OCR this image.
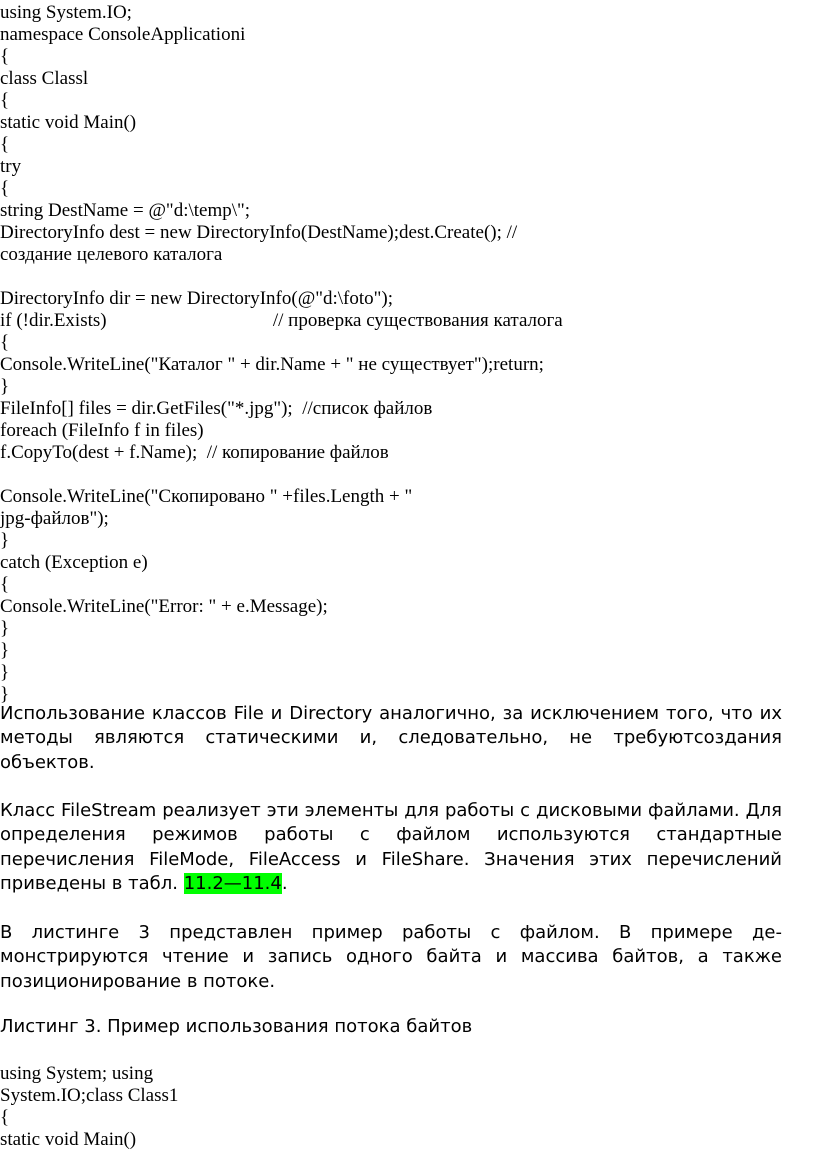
using System.IO;
namespace ConsoleApplicationi
{
class Classl
{
static void Main()
{
try
{
string DestName = @"d:\temp\";
DirectoryInfo dest = new DirectoryInfo(DestName);dest.Create(); //
создание целевого каталога
DirectoryInfo dir = new DirectoryInfo(@"d:\foto");
if (!dir.Exists)                                   // проверка существования каталога
{
Console.WriteLine("Каталог " + dir.Name + " не существует");return;
}
FileInfo[] files = dir.GetFiles("*.jpg");  //список файлов
foreach (FileInfo f in files)
f.CopyTo(dest + f.Name);  // копирование файлов
Console.WriteLine("Скопировано " +files.Length + "
jpg-файлов");
}
catch (Exception e)
{
Console.WriteLine("Error: " + e.Message);
}
}
}
}

Использование классов File и Directory аналогично, за исключением того, что их методы являются статическими и, следовательно, не требуютсоздания объектов.

Класс FileStream реализует эти элементы для работы с дисковыми файлами. Для определения режимов работы с файлом используются стандартные перечисления FileMode, FileAccess и FileShare. Значения этих перечислений приведены в табл. 11.2—11.4.

В листинге 3 представлен пример работы с файлом. В примере де-монстрируются чтение и запись одного байта и массива байтов, а также позиционирование в потоке.

Листинг 3. Пример использования потока байтов

using System; using
System.IO;class Class1
{
static void Main()
